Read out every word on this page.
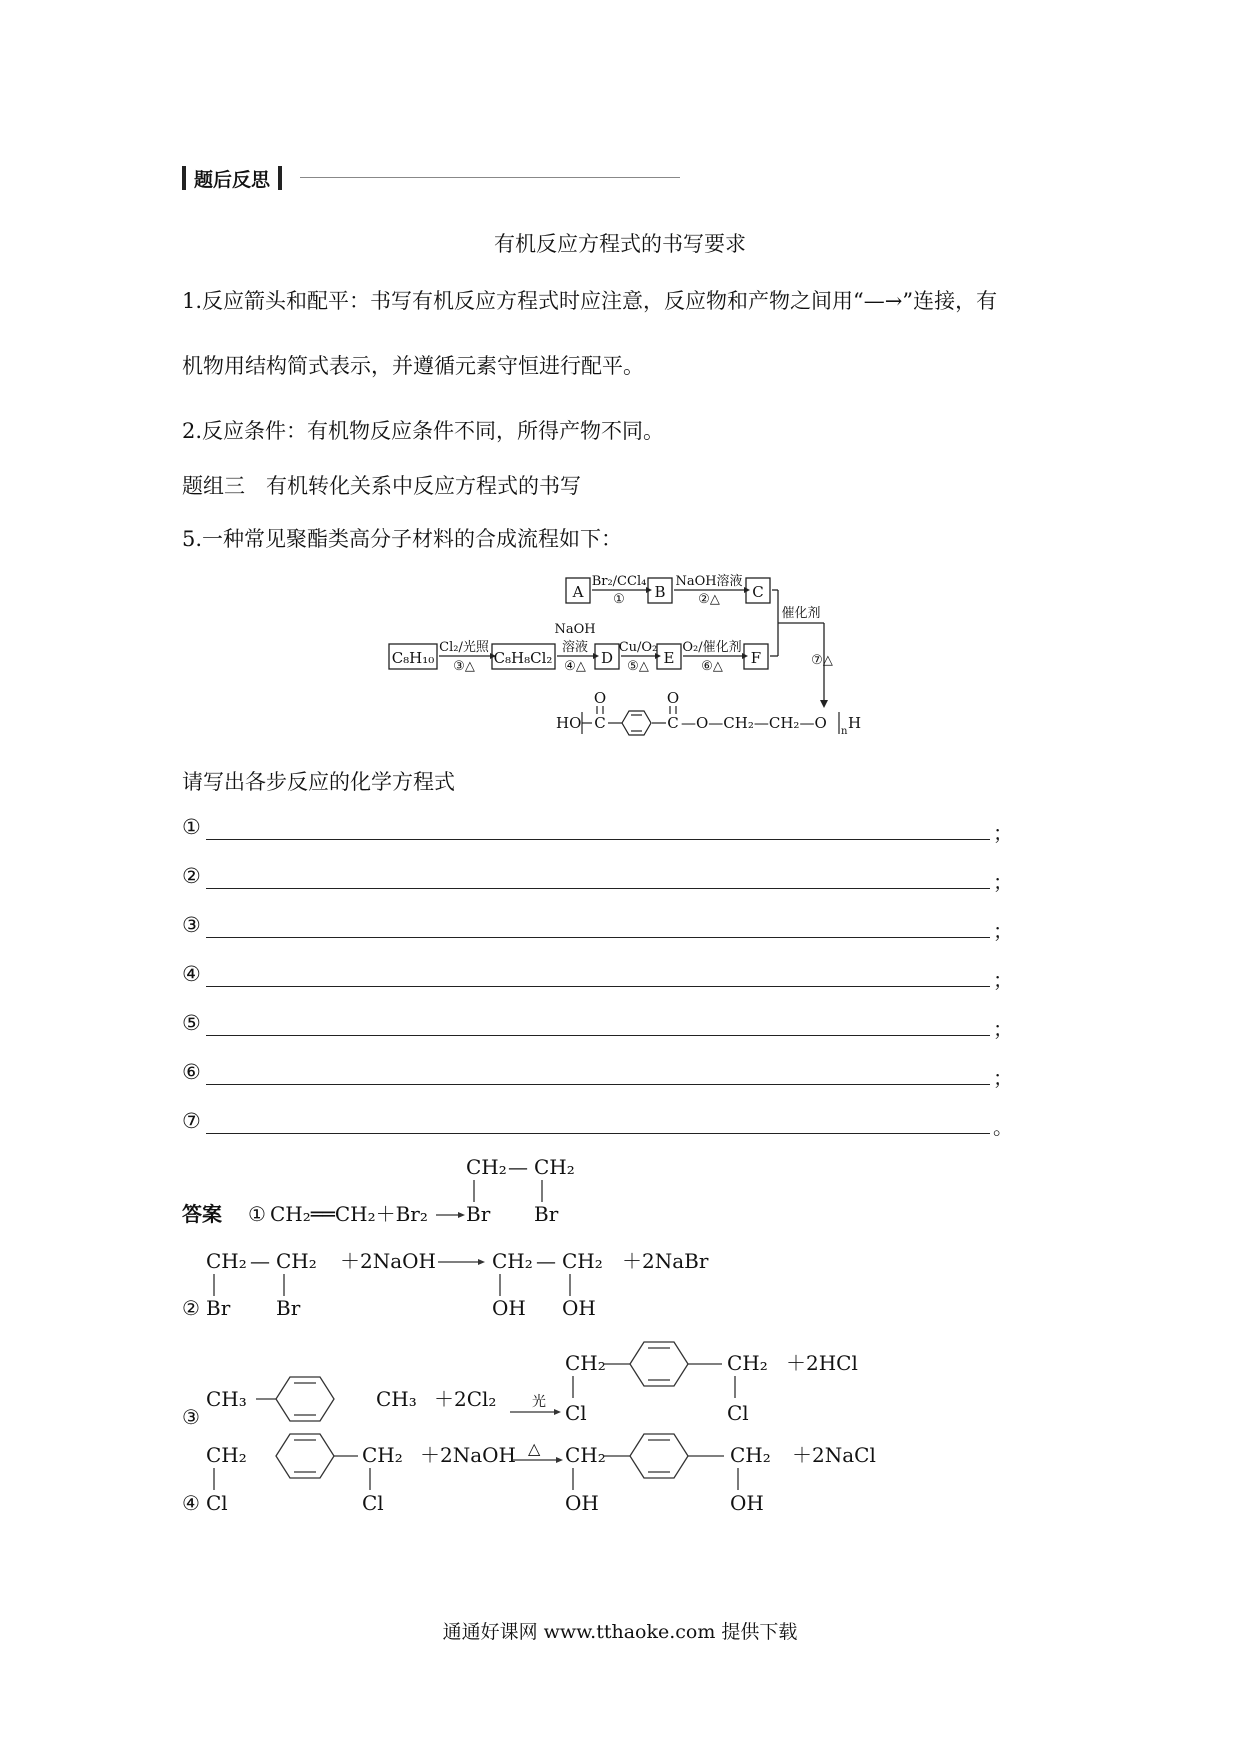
题后反思
有机反应方程式的书写要求
1.反应箭头和配平：书写有机反应方程式时应注意，反应物和产物之间用“—→”连接，有
机物用结构简式表示，并遵循元素守恒进行配平。
2.反应条件：有机物反应条件不同，所得产物不同。
题组三　有机转化关系中反应方程式的书写
5.一种常见聚酯类高分子材料的合成流程如下：
A	B	C
C₈H₁₀	C₈H₈Cl₂	D	E	F
Br₂/CCl₄
①
NaOH溶液
②△
Cl₂/光照
③△
NaOH
溶液
④△
Cu/O₂
⑤△
O₂/催化剂
⑥△
催化剂
⑦△
HO
O
C
O
C —O—CH₂—CH₂—O n H
请写出各步反应的化学方程式
①	；
②	；
③	；
④	；
⑤	；
⑥	；
⑦	。
答案 ① CH₂══CH₂＋Br₂
CH₂ — CH₂
Br Br
CH₂ — CH₂
② Br Br
＋2NaOH	CH₂ — CH₂
OH OH
＋2NaBr
③
CH₃	CH₃ ＋2Cl₂	光
CH₂	CH₂
Cl	Cl
＋2HCl
CH₂	CH₂
④ Cl	Cl
＋2NaOH △ CH₂	CH₂
OH	OH
＋2NaCl
通通好课网 www.tthaoke.com 提供下载
